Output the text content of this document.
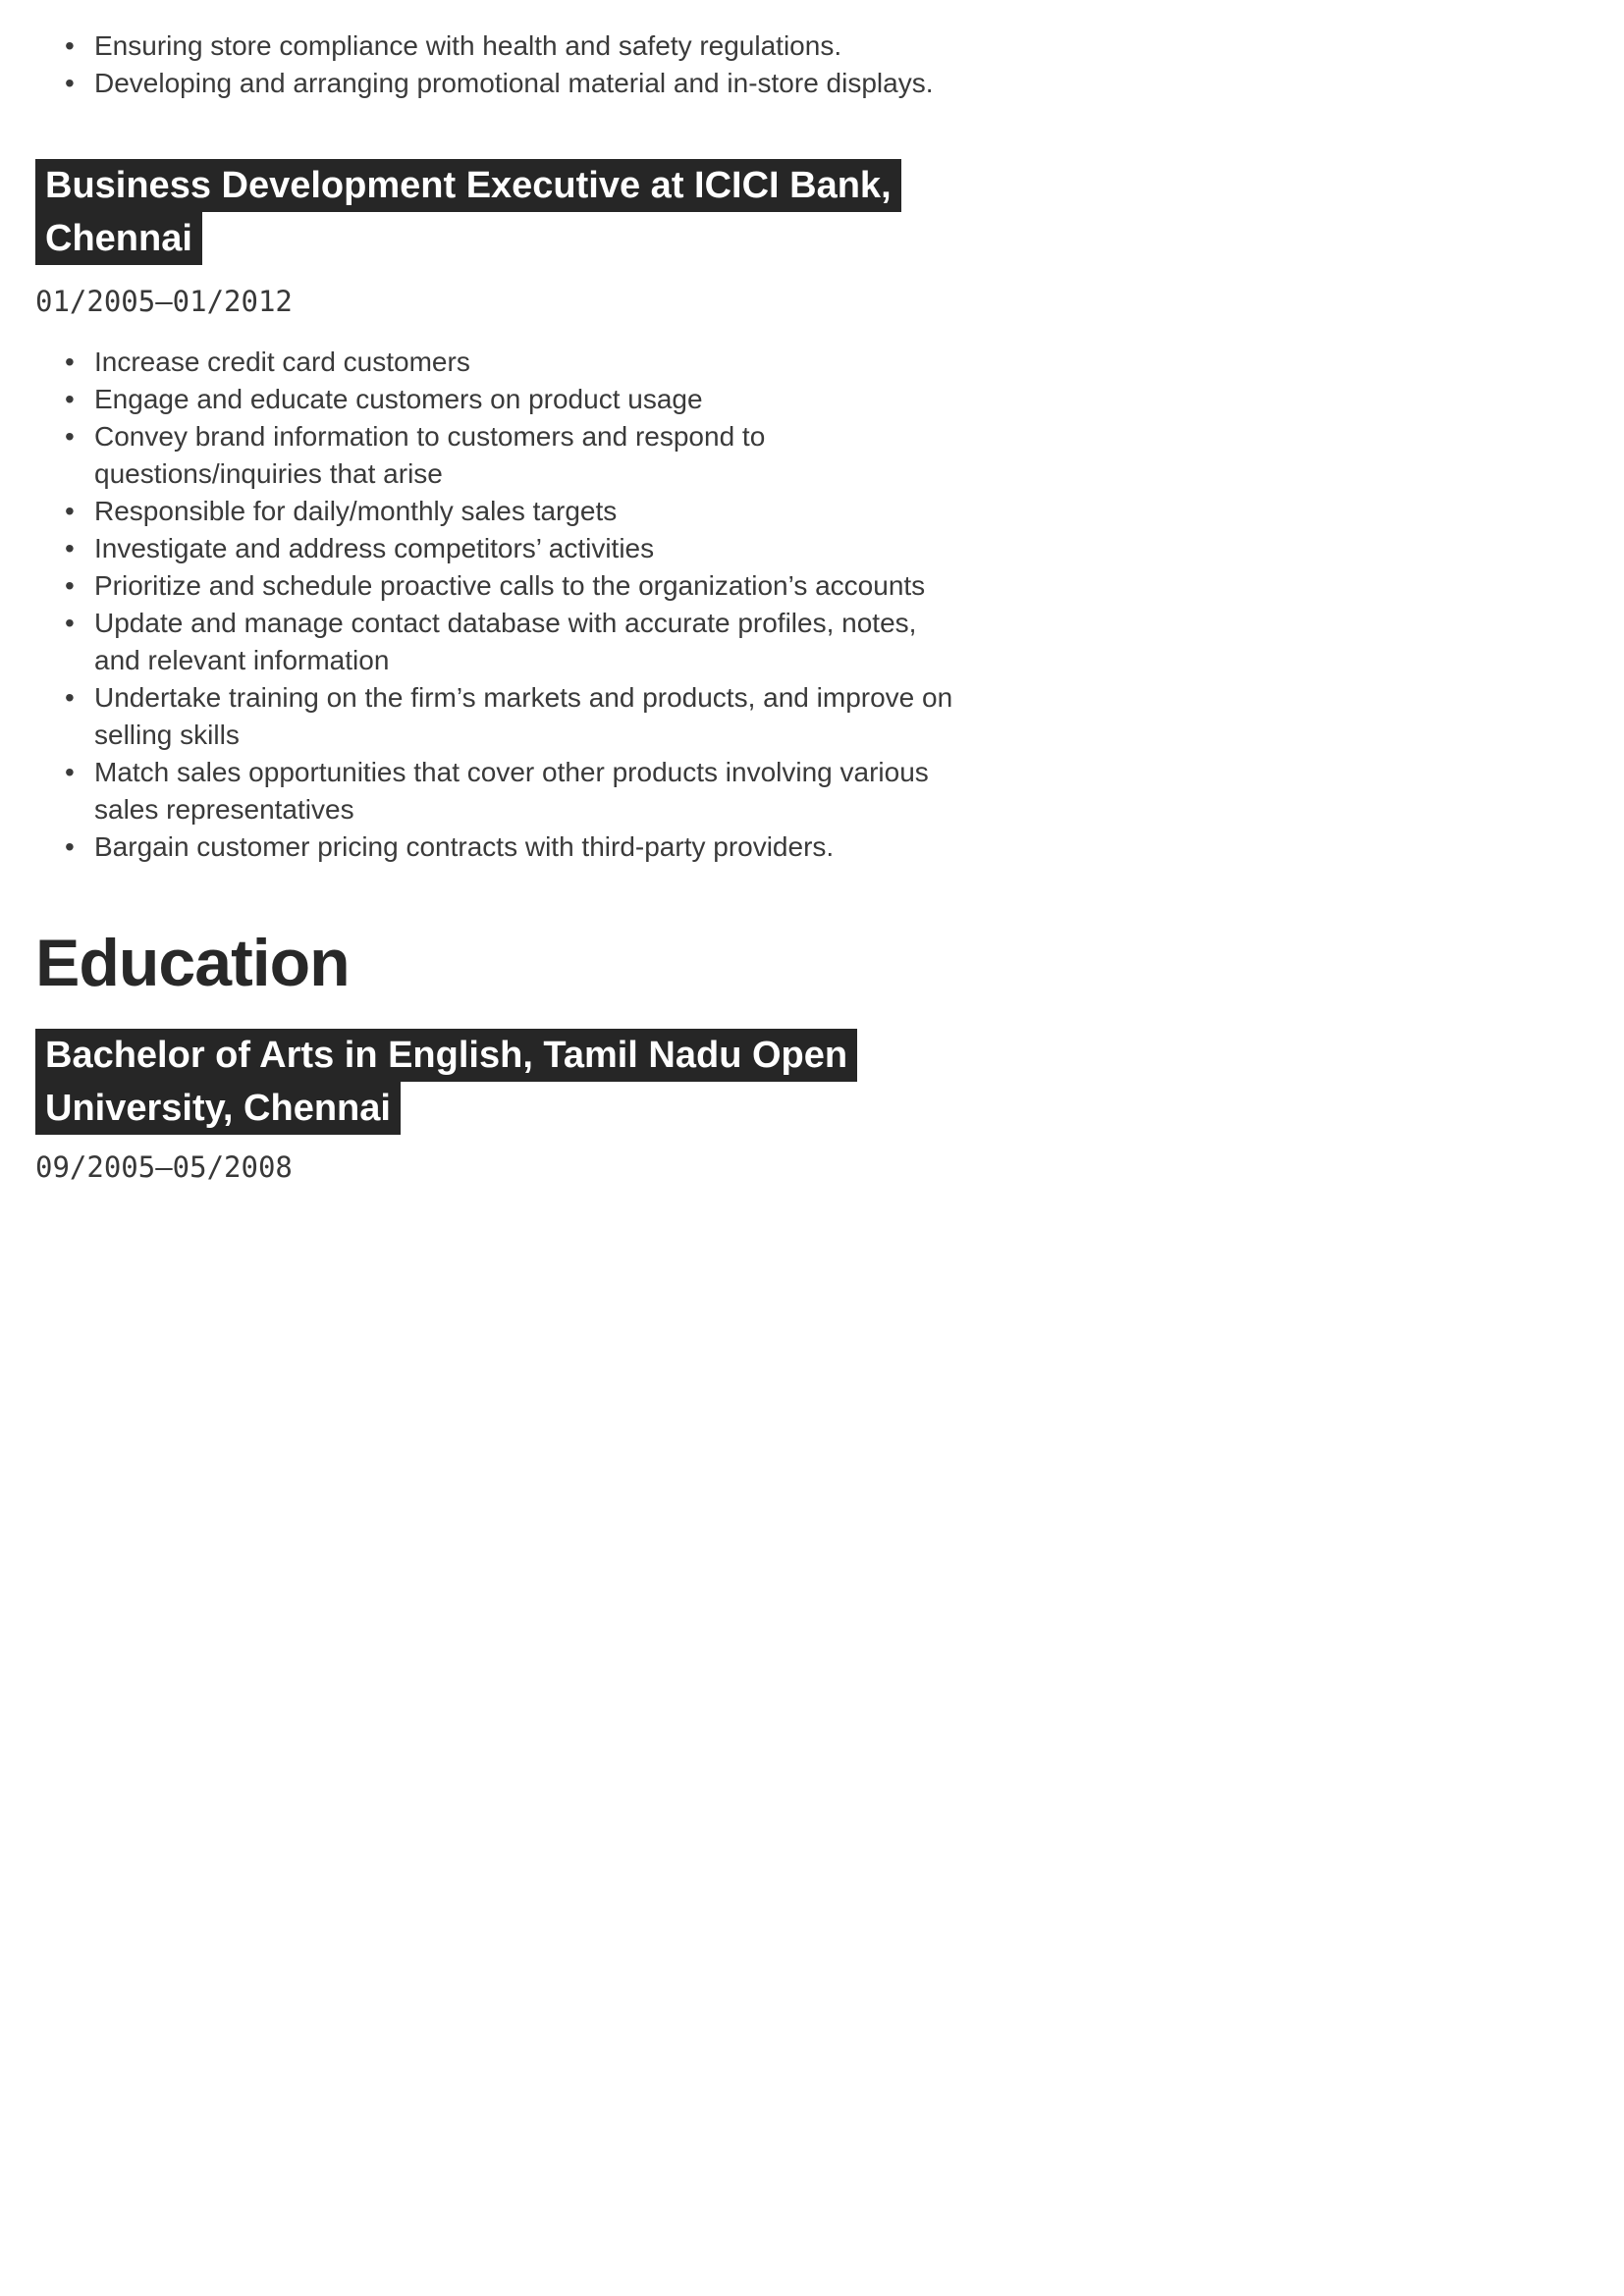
• Ensuring store compliance with health and safety regulations.
• Developing and arranging promotional material and in-store displays.
Business Development Executive at ICICI Bank, Chennai
01/2005—01/2012
• Increase credit card customers
• Engage and educate customers on product usage
• Convey brand information to customers and respond to questions/inquiries that arise
• Responsible for daily/monthly sales targets
• Investigate and address competitors’ activities
• Prioritize and schedule proactive calls to the organization’s accounts
• Update and manage contact database with accurate profiles, notes, and relevant information
• Undertake training on the firm’s markets and products, and improve on selling skills
• Match sales opportunities that cover other products involving various sales representatives
• Bargain customer pricing contracts with third-party providers.
Education
Bachelor of Arts in English, Tamil Nadu Open University, Chennai
09/2005—05/2008
